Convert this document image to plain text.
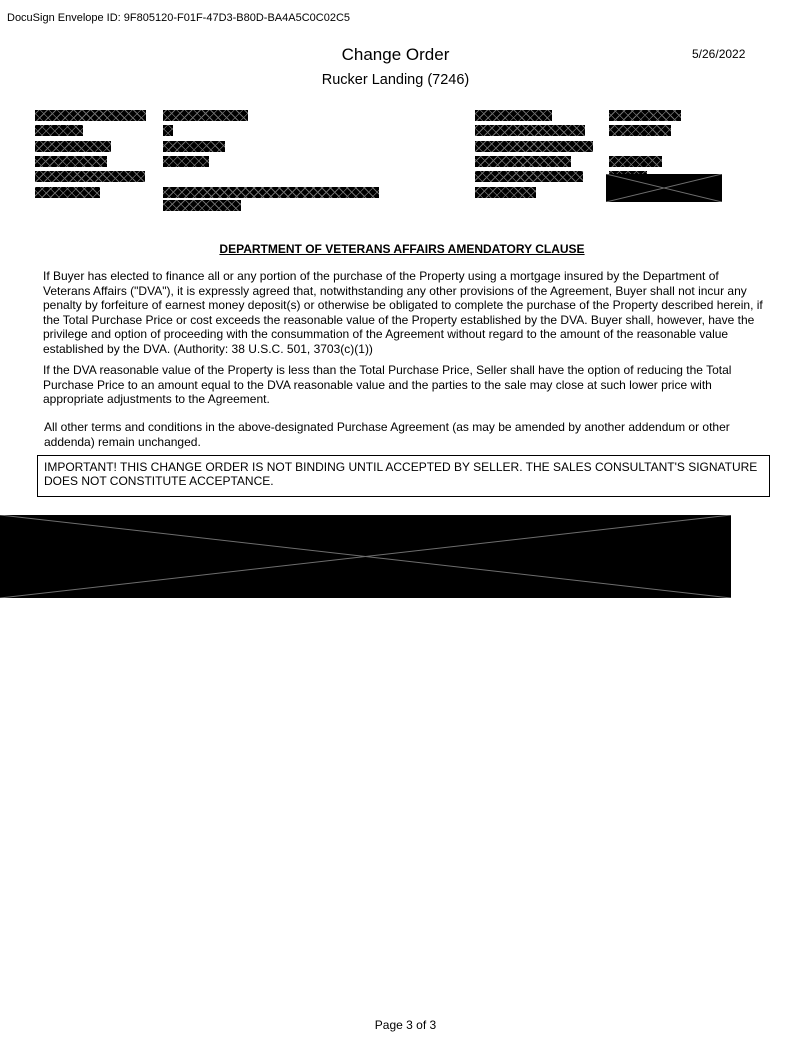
DocuSign Envelope ID: 9F805120-F01F-47D3-B80D-BA4A5C0C02C5
Change Order
Rucker Landing (7246)
5/26/2022
DEPARTMENT OF VETERANS AFFAIRS AMENDATORY CLAUSE
If Buyer has elected to finance all or any portion of the purchase of the Property using a mortgage insured by the Department of
Veterans Affairs ("DVA"), it is expressly agreed that, notwithstanding any other provisions of the Agreement, Buyer shall not incur any
penalty by forfeiture of earnest money deposit(s) or otherwise be obligated to complete the purchase of the Property described herein, if
the Total Purchase Price or cost exceeds the reasonable value of the Property established by the DVA. Buyer shall, however, have the
privilege and option of proceeding with the consummation of the Agreement without regard to the amount of the reasonable value
established by the DVA. (Authority: 38 U.S.C. 501, 3703(c)(1))
If the DVA reasonable value of the Property is less than the Total Purchase Price, Seller shall have the option of reducing the Total
Purchase Price to an amount equal to the DVA reasonable value and the parties to the sale may close at such lower price with
appropriate adjustments to the Agreement.
All other terms and conditions in the above-designated Purchase Agreement (as may be amended by another addendum or other
addenda) remain unchanged.
IMPORTANT! THIS CHANGE ORDER IS NOT BINDING UNTIL ACCEPTED BY SELLER. THE SALES CONSULTANT'S SIGNATURE
DOES NOT CONSTITUTE ACCEPTANCE.
Page 3 of 3
